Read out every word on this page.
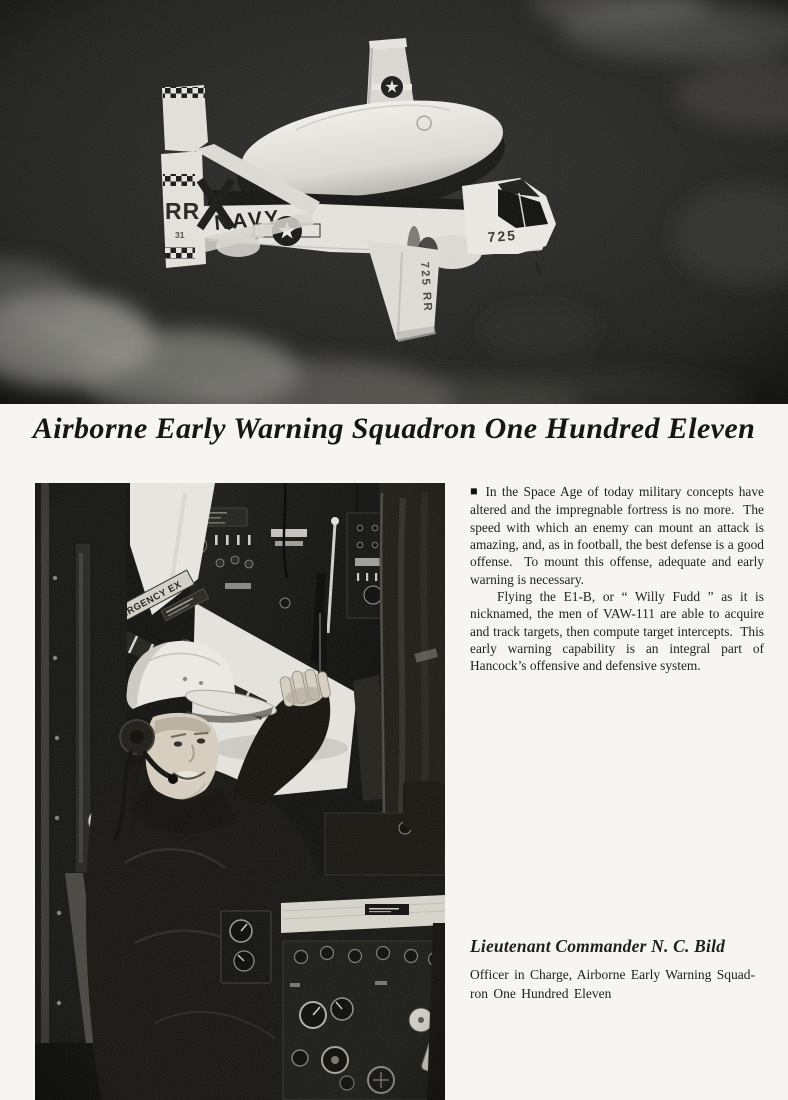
Airborne Early Warning Squadron One Hundred Eleven

■ In the Space Age of today military concepts have altered and the impregnable fortress is no more.  The speed with which an enemy can mount an attack is amazing, and, as in football, the best defense is a good offense.  To mount this offense, adequate and early warning is necessary.

Flying the E1-B, or “ Willy Fudd ” as it is nicknamed, the men of VAW-111 are able to acquire and track targets, then compute target intercepts.  This early warning capability is an integral part of Hancock’s offensive and defensive system.

Lieutenant Commander N. C. Bild

Officer in Charge, Airborne Early Warning Squad-
ron One Hundred Eleven
